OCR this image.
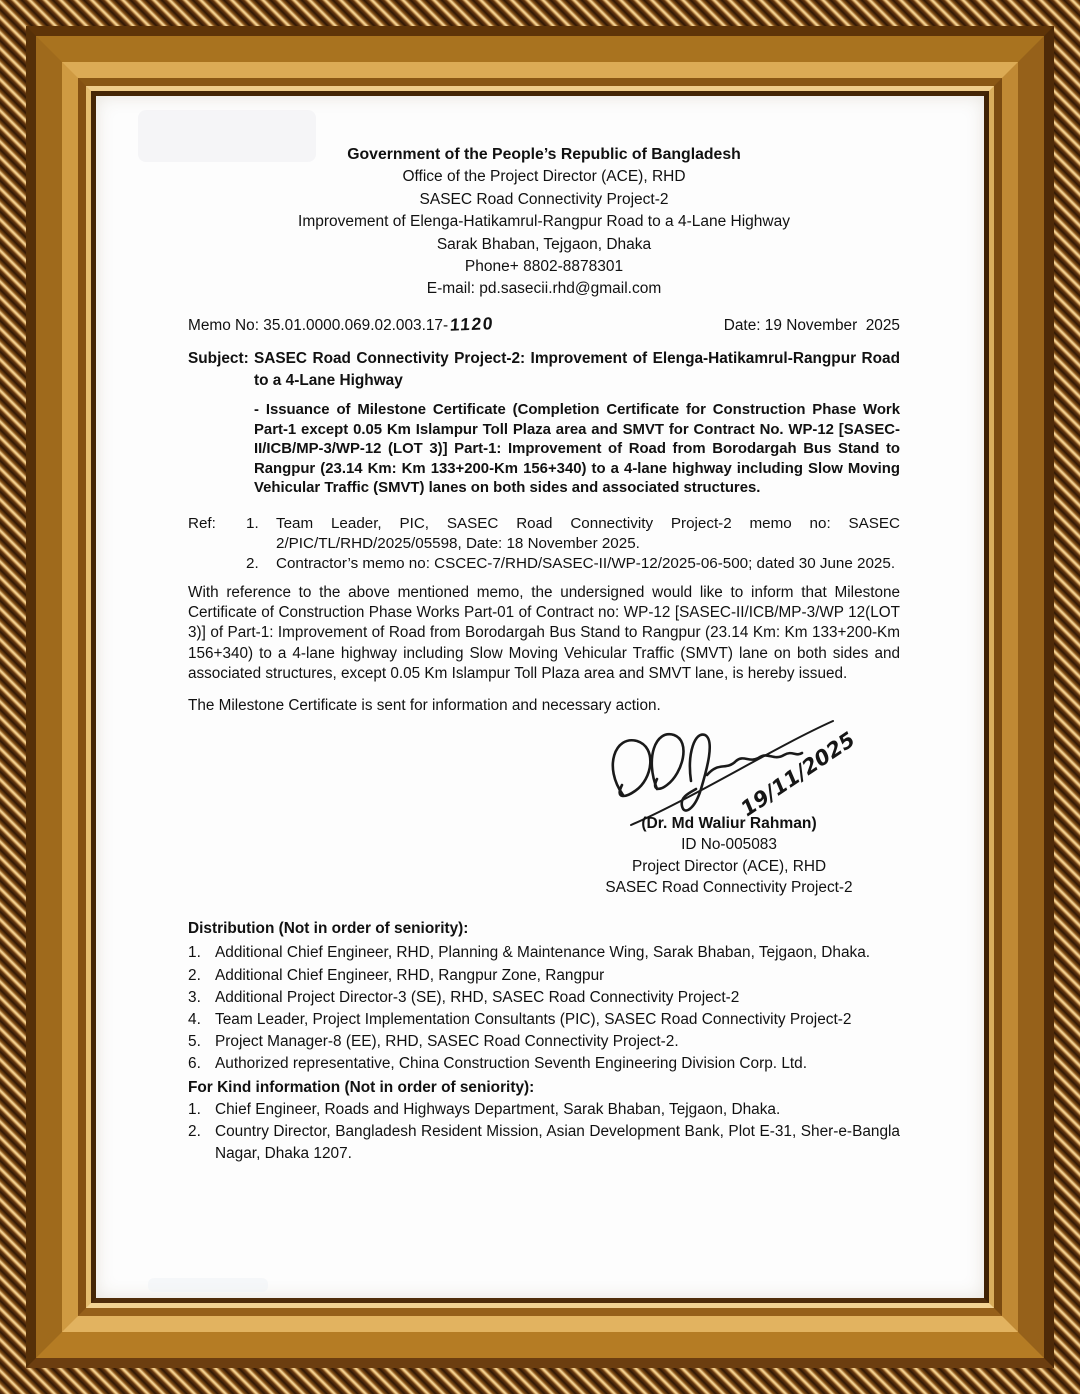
Government of the People’s Republic of Bangladesh
Office of the Project Director (ACE), RHD
SASEC Road Connectivity Project-2
Improvement of Elenga-Hatikamrul-Rangpur Road to a 4-Lane Highway
Sarak Bhaban, Tejgaon, Dhaka
Phone+ 8802-8878301
E-mail: pd.sasecii.rhd@gmail.com
Memo No: 35.01.0000.069.02.003.17-1120	Date: 19 November  2025
Subject: SASEC Road Connectivity Project-2: Improvement of Elenga-Hatikamrul-Rangpur Road to a 4-Lane Highway
- Issuance of Milestone Certificate (Completion Certificate for Construction Phase Work Part-1 except 0.05 Km Islampur Toll Plaza area and SMVT for Contract No. WP-12 [SASEC-II/ICB/MP-3/WP-12 (LOT 3)] Part-1: Improvement of Road from Borodargah Bus Stand to Rangpur (23.14 Km: Km 133+200-Km 156+340) to a 4-lane highway including Slow Moving Vehicular Traffic (SMVT) lanes on both sides and associated structures.
Ref:	Team Leader, PIC, SASEC Road Connectivity Project-2 memo no: SASEC 2/PIC/TL/RHD/2025/05598, Date: 18 November 2025.
Contractor’s memo no: CSCEC-7/RHD/SASEC-II/WP-12/2025-06-500; dated 30 June 2025.

With reference to the above mentioned memo, the undersigned would like to inform that Milestone Certificate of Construction Phase Works Part-01 of Contract no: WP-12 [SASEC-II/ICB/MP-3/WP 12(LOT 3)] of Part-1: Improvement of Road from Borodargah Bus Stand to Rangpur (23.14 Km: Km 133+200-Km 156+340) to a 4-lane highway including Slow Moving Vehicular Traffic (SMVT) lane on both sides and associated structures, except 0.05 Km Islampur Toll Plaza area and SMVT lane, is hereby issued.

The Milestone Certificate is sent for information and necessary action.

19/11/2025
(Dr. Md Waliur Rahman)
ID No-005083
Project Director (ACE), RHD
SASEC Road Connectivity Project-2
Distribution (Not in order of seniority):
Additional Chief Engineer, RHD, Planning & Maintenance Wing, Sarak Bhaban, Tejgaon, Dhaka.
Additional Chief Engineer, RHD, Rangpur Zone, Rangpur
Additional Project Director-3 (SE), RHD, SASEC Road Connectivity Project-2
Team Leader, Project Implementation Consultants (PIC), SASEC Road Connectivity Project-2
Project Manager-8 (EE), RHD, SASEC Road Connectivity Project-2.
Authorized representative, China Construction Seventh Engineering Division Corp. Ltd.
For Kind information (Not in order of seniority):
Chief Engineer, Roads and Highways Department, Sarak Bhaban, Tejgaon, Dhaka.
Country Director, Bangladesh Resident Mission, Asian Development Bank, Plot E-31, Sher-e-Bangla Nagar, Dhaka 1207.
